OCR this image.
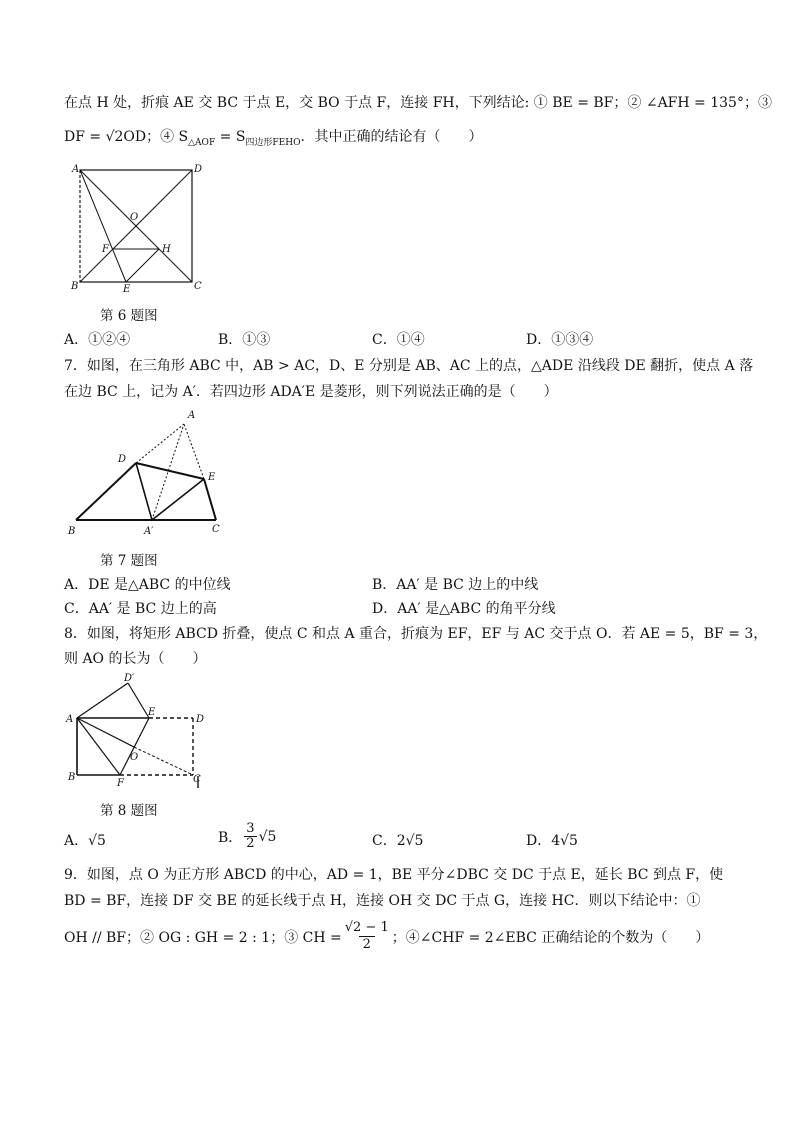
在点 H 处，折痕 AE 交 BC 于点 E，交 BO 于点 F，连接 FH，下列结论: ① BE = BF；② ∠AFH = 135°；③
DF = √2OD；④ $S_{\triangle AOF} = S_{四边形FEHO}$．其中正确的结论有（　　）
A	D
O
F	H
B	E	C
第 6 题图
A．①②④	B．①③	C．①④	D．①③④
7．如图，在三角形 ABC 中，AB > AC，D、E 分别是 AB、AC 上的点，△ADE 沿线段 DE 翻折，使点 A 落
在边 BC 上，记为 A′．若四边形 ADA′E 是菱形，则下列说法正确的是（　　）
A
D
E
B	A′	C
第 7 题图
A．DE 是△ABC 的中位线	B．AA′ 是 BC 边上的中线
C．AA′ 是 BC 边上的高	D．AA′ 是△ABC 的角平分线
8．如图，将矩形 ABCD 折叠，使点 C 和点 A 重合，折痕为 EF，EF 与 AC 交于点 O．若 AE = 5，BF = 3，
则 AO 的长为（　　）
D′
A
E
D
O
B
F	C
第 8 题图
A．√5	B． $\frac{3}{2} √5$	C．2√5	D．4√5
9．如图，点 O 为正方形 ABCD 的中心，AD = 1，BE 平分∠DBC 交 DC 于点 E，延长 BC 到点 F，使
BD = BF，连接 DF 交 BE 的延长线于点 H，连接 OH 交 DC 于点 G，连接 HC．则以下结论中：①
OH // BF；② OG : GH = 2 : 1；③ CH = $\frac{√2 - 1}{2}$ ；④∠CHF = 2∠EBC 正确结论的个数为（　　）
